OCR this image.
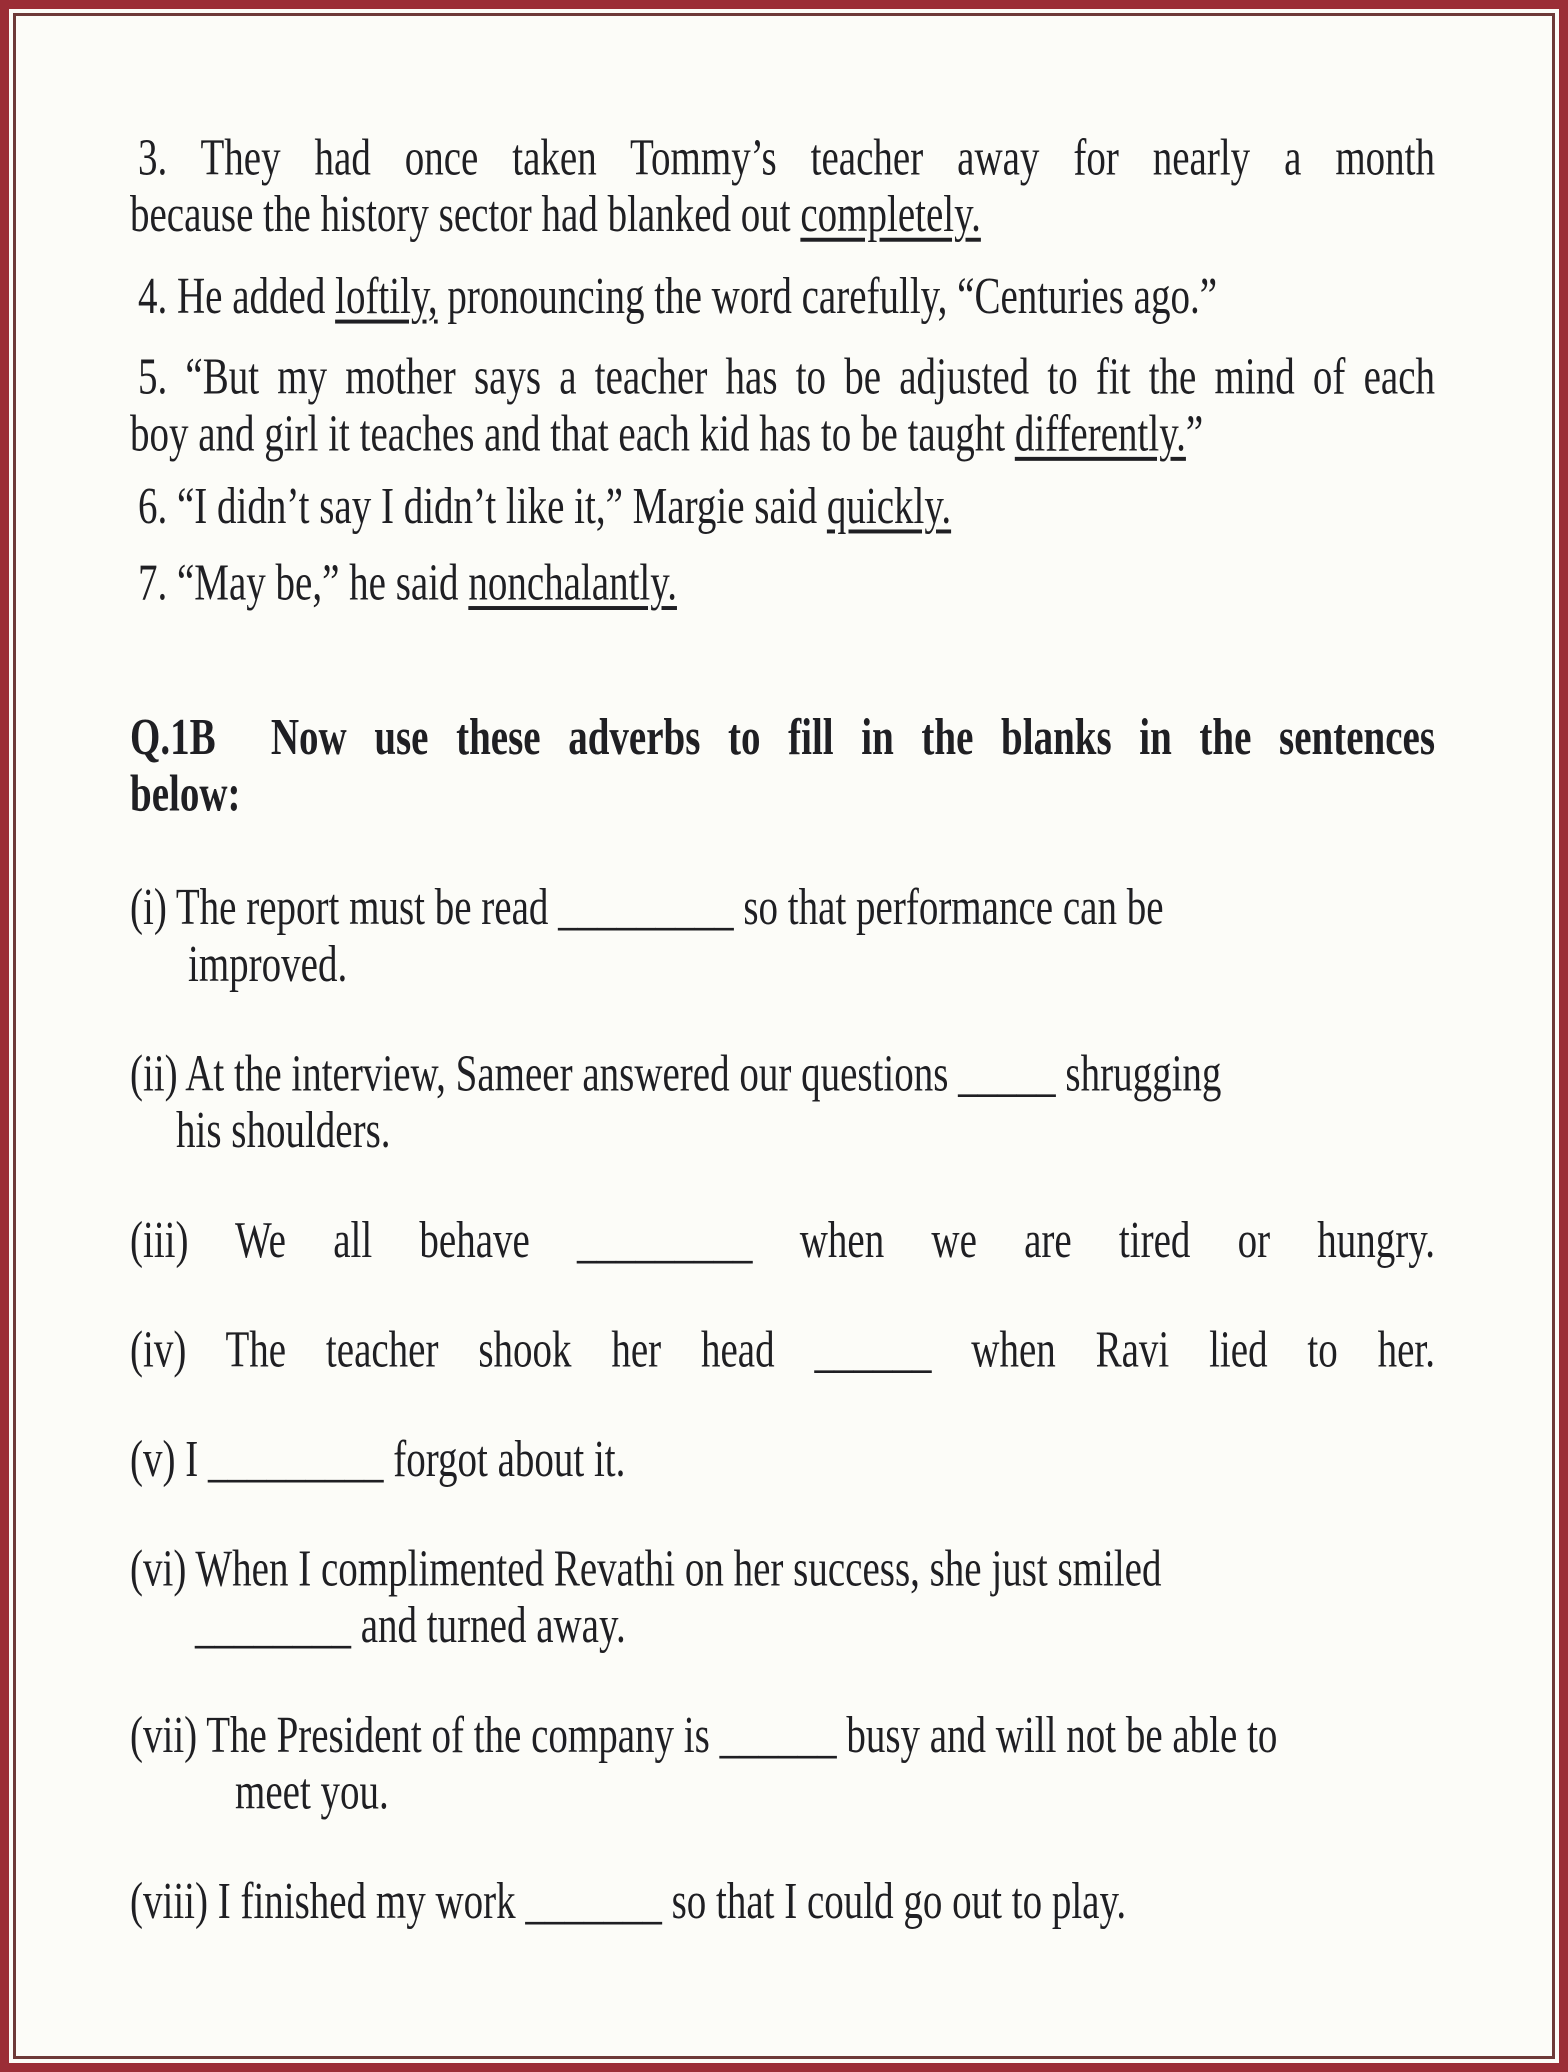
3. They had once taken Tommy’s teacher away for nearly a month
because the history sector had blanked out completely.
4. He added loftily, pronouncing the word carefully, “Centuries ago.”
5. “But my mother says a teacher has to be adjusted to fit the mind of each
boy and girl it teaches and that each kid has to be taught differently.”
6. “I didn’t say I didn’t like it,” Margie said quickly.
7. “May be,” he said nonchalantly.
Q.1B  Now use these adverbs to fill in the blanks in the sentences
below:
(i) The report must be read _________ so that performance can be
improved.
(ii) At the interview, Sameer answered our questions _____ shrugging
his shoulders.
(iii) We all behave _________ when we are tired or hungry.
(iv) The teacher shook her head ______ when Ravi lied to her.
(v) I _________ forgot about it.
(vi) When I complimented Revathi on her success, she just smiled
________ and turned away.
(vii) The President of the company is ______ busy and will not be able to
meet you.
(viii) I finished my work _______ so that I could go out to play.
